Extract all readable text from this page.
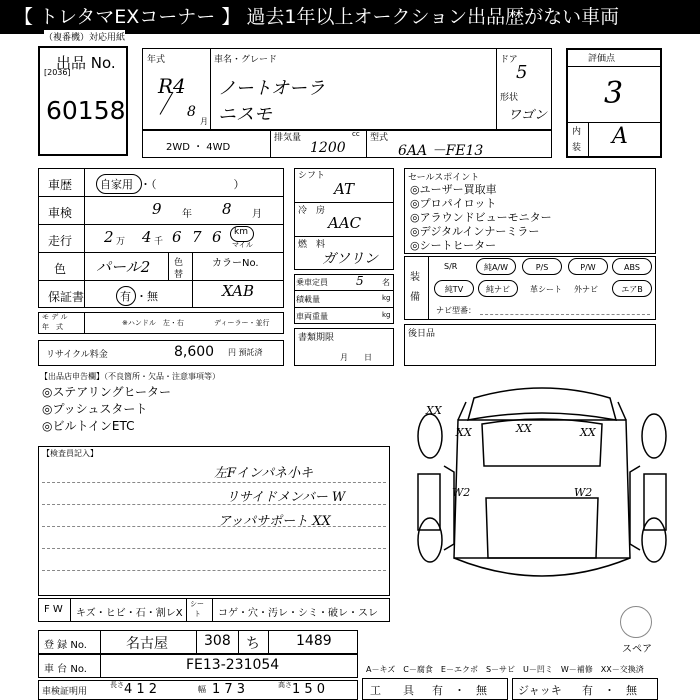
【 トレタマEXコーナー 】 過去1年以上オークション出品歴がない車両
（複番機）対応用紙
出品 No.
[2036]
60158
年式
R4
8
月
車名・グレード
ノートオーラ
ニスモ
ドア
5
形状
ワゴン
評価点
3
内
装 A
2WD ・ 4WD
排気量	cc
1200
型式
6AA －FE13
車歴	自家用 ・（　　　　　　　）
車検	9 年 8 月
走行 2 万 4 千 6 7 6 km
マイル
色 パール2	色
替
カラーNo.
保証書	有 ・無	XAB
モ デ ル
年　式	※ハンドル　左・右	ディーラー・並行
リサイクル料金	8,600 円 預託済
シフト
AT
冷　房
AAC
燃　料
ガソリン
乗車定員 5 名
積載量	kg
車両重量	kg
書類期限
月　　日
セールスポイント
◎ユーザー買取車
◎プロパイロット
◎アラウンドビューモニター
◎デジタルインナーミラー
◎シートヒーター
装
備
S/R	純A/W	P/S	P/W	ABS
純TV	純ナビ	革シート 外ナビ	エアB
ナビ型番：
後日品
【出品店申告欄】（不良箇所・欠品・注意事項等）
◎ステアリングヒーター
◎プッシュスタート
◎ビルトインETC
【検査員記入】
左Fインパネ小キ
リサイドメンバー W
アッパサポート XX
XX	XX	XX
XX
W2	W2
F W キズ・ヒビ・石・割レX
シー
ト コゲ・穴・汚レ・シミ・破レ・スレ
スペア
登 録 No.	名古屋	308 ち	1489
車 台 No.	FE13-231054	A－キズ　C－腐食　E－エクボ　S－サビ　U－凹ミ　W－補修　XX－交換済
車検証明用
長さ 4 1 2	幅 1 7 3	高さ 1 5 0	工　　具 有　・　無	ジャッキ 有　・　無
